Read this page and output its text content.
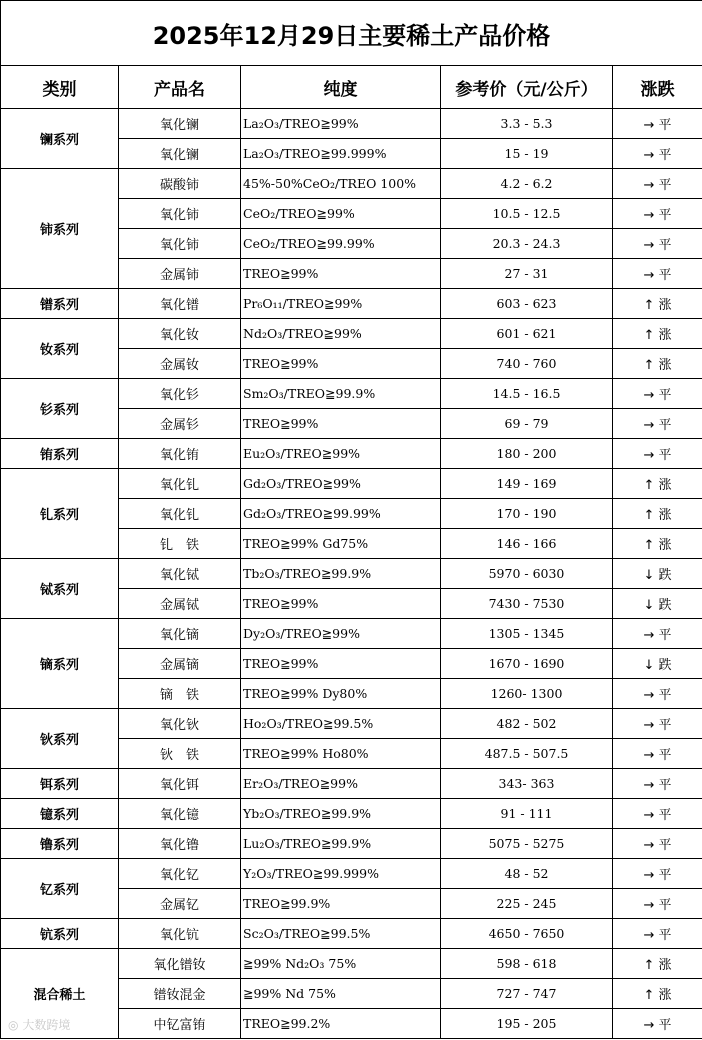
2025年12月29日主要稀土产品价格				
类别	产品名	纯度	参考价（元/公斤）	涨跌
镧系列	氧化镧	La₂O₃/TREO≧99%	3.3 - 5.3	→ 平
	氧化镧	La₂O₃/TREO≧99.999%	15 - 19	→ 平
铈系列	碳酸铈	45%-50%CeO₂/TREO 100%	4.2 - 6.2	→ 平
	氧化铈	CeO₂/TREO≧99%	10.5 - 12.5	→ 平
	氧化铈	CeO₂/TREO≧99.99%	20.3 - 24.3	→ 平
	金属铈	TREO≧99%	27 - 31	→ 平
镨系列	氧化镨	Pr₆O₁₁/TREO≧99%	603 - 623	↑ 涨
钕系列	氧化钕	Nd₂O₃/TREO≧99%	601 - 621	↑ 涨
	金属钕	TREO≧99%	740 - 760	↑ 涨
钐系列	氧化钐	Sm₂O₃/TREO≧99.9%	14.5 - 16.5	→ 平
	金属钐	TREO≧99%	69 - 79	→ 平
铕系列	氧化铕	Eu₂O₃/TREO≧99%	180 - 200	→ 平
钆系列	氧化钆	Gd₂O₃/TREO≧99%	149 - 169	↑ 涨
	氧化钆	Gd₂O₃/TREO≧99.99%	170 - 190	↑ 涨
	钆　铁	TREO≧99% Gd75%	146 - 166	↑ 涨
铽系列	氧化铽	Tb₂O₃/TREO≧99.9%	5970 - 6030	↓ 跌
	金属铽	TREO≧99%	7430 - 7530	↓ 跌
镝系列	氧化镝	Dy₂O₃/TREO≧99%	1305 - 1345	→ 平
	金属镝	TREO≧99%	1670 - 1690	↓ 跌
	镝　铁	TREO≧99% Dy80%	1260- 1300	→ 平
钬系列	氧化钬	Ho₂O₃/TREO≧99.5%	482 - 502	→ 平
	钬　铁	TREO≧99% Ho80%	487.5 - 507.5	→ 平
铒系列	氧化铒	Er₂O₃/TREO≧99%	343- 363	→ 平
镱系列	氧化镱	Yb₂O₃/TREO≧99.9%	91 - 111	→ 平
镥系列	氧化镥	Lu₂O₃/TREO≧99.9%	5075 - 5275	→ 平
钇系列	氧化钇	Y₂O₃/TREO≧99.999%	48 - 52	→ 平
	金属钇	TREO≧99.9%	225 - 245	→ 平
钪系列	氧化钪	Sc₂O₃/TREO≧99.5%	4650 - 7650	→ 平
混合稀土	氧化镨钕	≧99% Nd₂O₃ 75%	598 - 618	↑ 涨
	镨钕混金	≧99% Nd 75%	727 - 747	↑ 涨
	中钇富铕	TREO≧99.2%	195 - 205	→ 平
◎ 大数跨境
